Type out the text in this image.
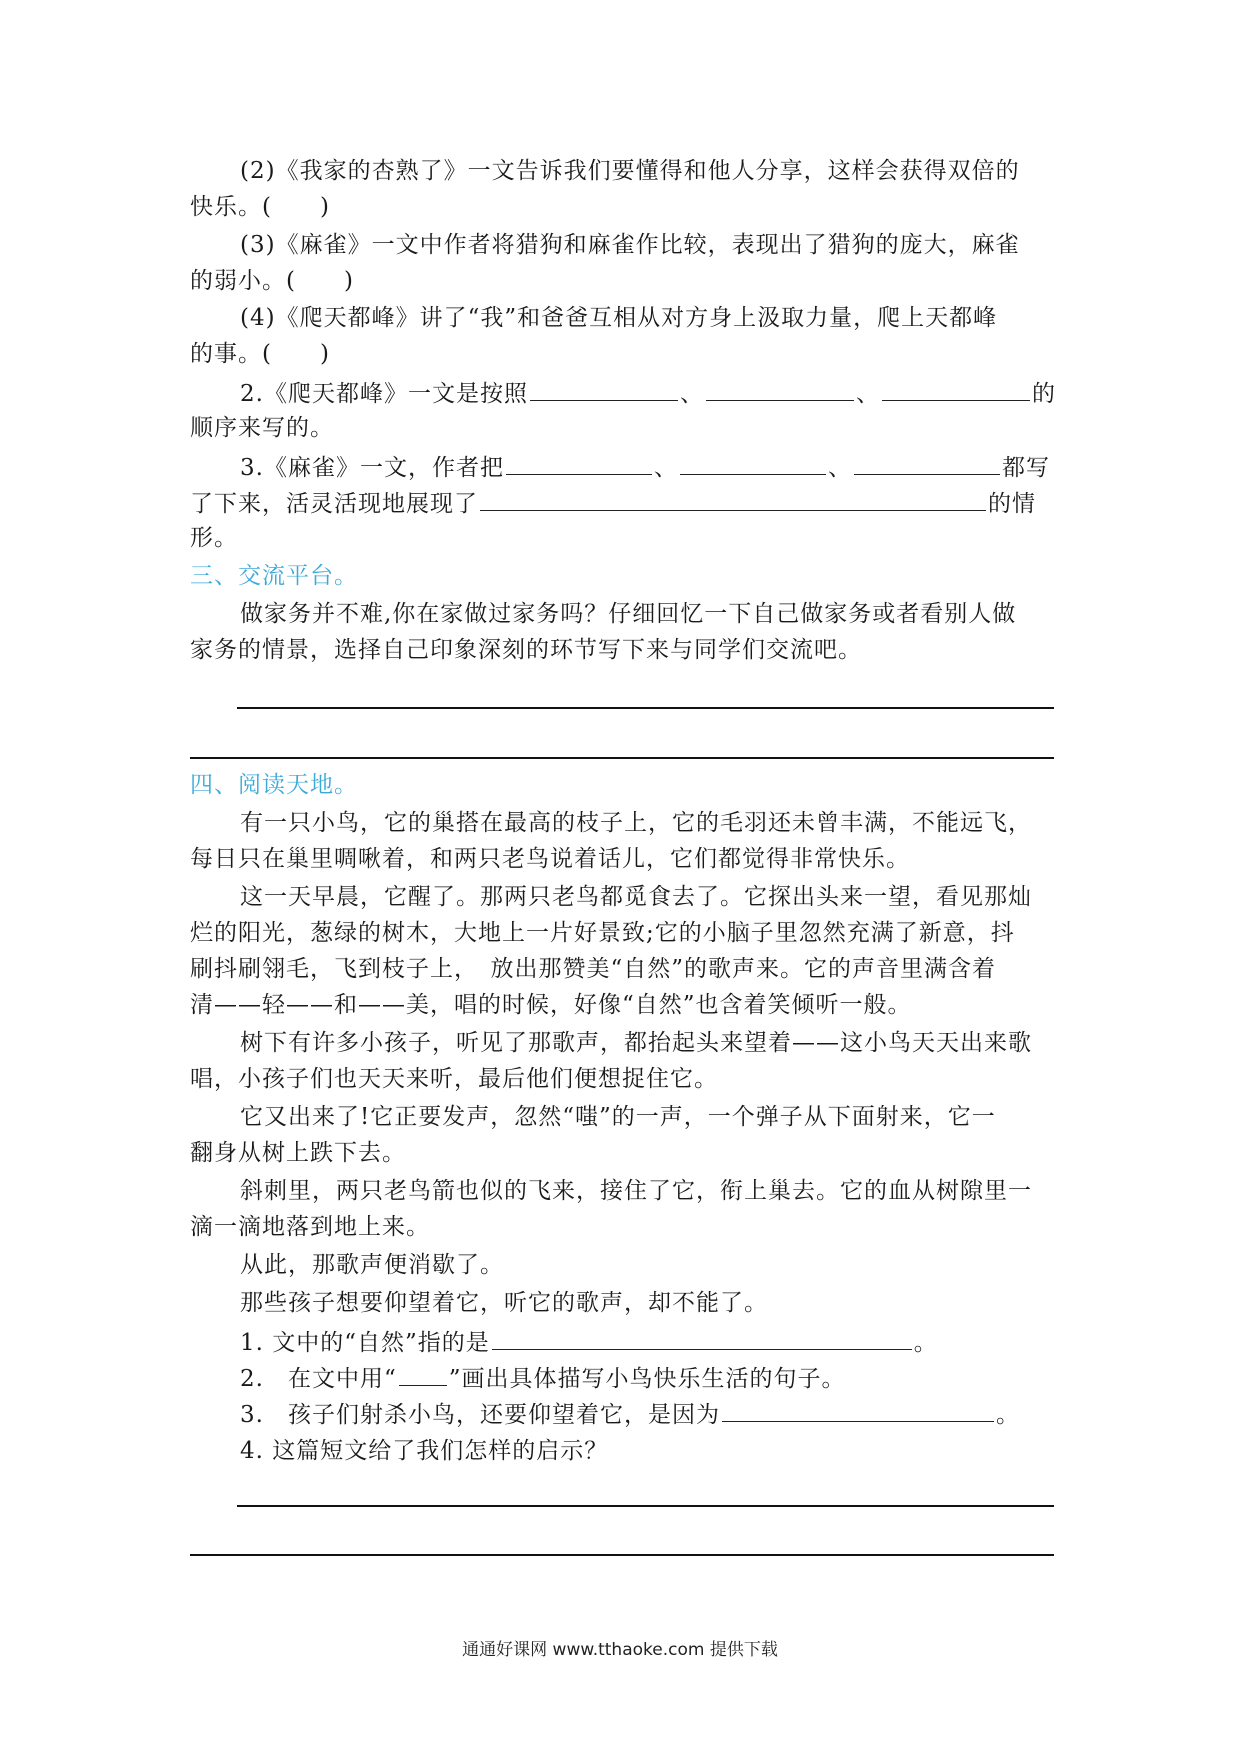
(2)《我家的杏熟了》一文告诉我们要懂得和他人分享，这样会获得双倍的
快乐。(　　)
(3)《麻雀》一文中作者将猎狗和麻雀作比较，表现出了猎狗的庞大，麻雀
的弱小。(　　)
(4)《爬天都峰》讲了“我”和爸爸互相从对方身上汲取力量，爬上天都峰
的事。(　　)
2.《爬天都峰》一文是按照	、	、	的
顺序来写的。
3.《麻雀》一文，作者把	、	、	都写
了下来，活灵活现地展现了	的情
形。
三、交流平台。
做家务并不难,你在家做过家务吗？仔细回忆一下自己做家务或者看别人做
家务的情景，选择自己印象深刻的环节写下来与同学们交流吧。
四、阅读天地。
有一只小鸟，它的巢搭在最高的枝子上，它的毛羽还未曾丰满，不能远飞，
每日只在巢里啁啾着，和两只老鸟说着话儿，它们都觉得非常快乐。
这一天早晨，它醒了。那两只老鸟都觅食去了。它探出头来一望，看见那灿
烂的阳光，葱绿的树木，大地上一片好景致;它的小脑子里忽然充满了新意，抖
刷抖刷翎毛，飞到枝子上，　放出那赞美“自然”的歌声来。它的声音里满含着
清——轻——和——美，唱的时候，好像“自然”也含着笑倾听一般。
树下有许多小孩子，听见了那歌声，都抬起头来望着——这小鸟天天出来歌
唱，小孩子们也天天来听，最后他们便想捉住它。
它又出来了!它正要发声，忽然“嗤”的一声，一个弹子从下面射来，它一
翻身从树上跌下去。
斜刺里，两只老鸟箭也似的飞来，接住了它，衔上巢去。它的血从树隙里一
滴一滴地落到地上来。
从此，那歌声便消歇了。
那些孩子想要仰望着它，听它的歌声，却不能了。
1. 文中的“自然”指的是	。
2.　在文中用“ ”画出具体描写小鸟快乐生活的句子。
3.　孩子们射杀小鸟，还要仰望着它，是因为	。
4. 这篇短文给了我们怎样的启示？
通通好课网 www.tthaoke.com 提供下载
